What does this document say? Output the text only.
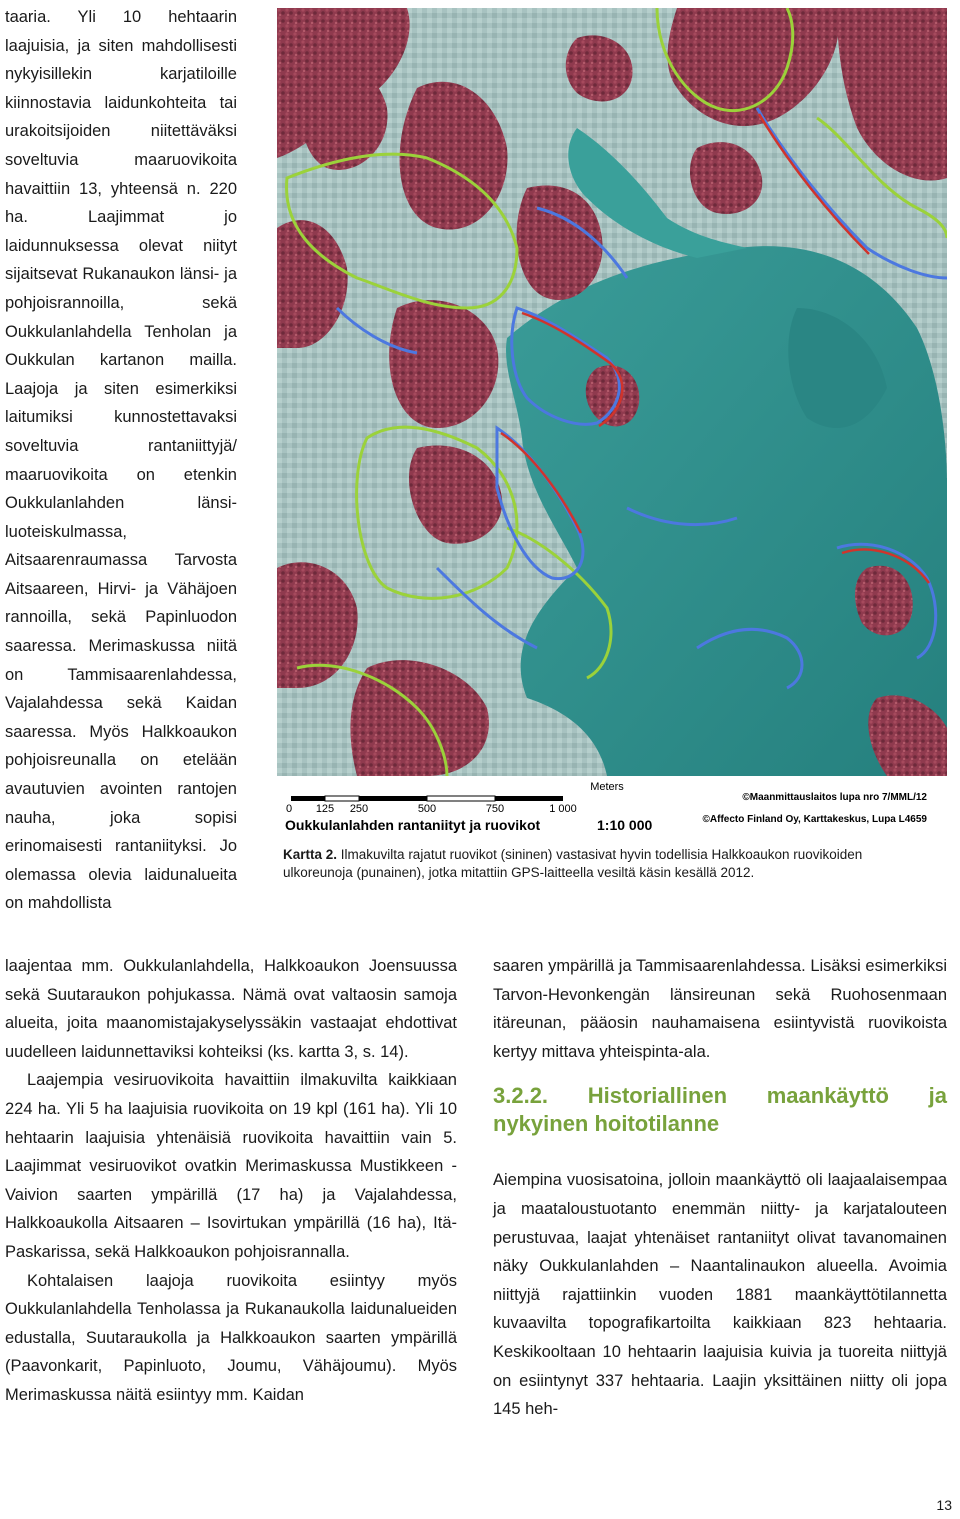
taaria. Yli 10 hehtaarin laajuisia, ja siten mahdollisesti nykyisillekin karjatiloille kiinnostavia laidunkohteita tai urakoitsijoiden niitettäväksi soveltuvia maaruovikoita havaittiin 13, yhteensä n. 220 ha. Laajimmat jo laidunnuksessa olevat niityt sijaitsevat Rukanaukon länsi- ja pohjoisrannoilla, sekä Oukkulanlahdella Tenholan ja Oukkulan kartanon mailla. Laajoja ja siten esimerkiksi laitumiksi kunnostettavaksi soveltuvia rantaniittyjä/ maaruovikoita on etenkin Oukkulanlahden länsi-luoteiskulmassa, Aitsaarenraumassa Tarvosta Aitsaareen, Hirvi- ja Vähäjoen rannoilla, sekä Papinluodon saaressa. Merimaskussa niitä on Tammisaarenlahdessa, Vajalahdessa sekä Kaidan saaressa. Myös Halkkoaukon pohjoisreunalla on etelään avautuvien avointen rantojen nauha, joka sopisi erinomaisesti rantaniityksi. Jo olemassa olevia laidunalueita on mahdollista

Meters
0 125 250	500	750	1 000
Oukkulanlahden rantaniityt ja ruovikot	1:10 000
©Maanmittauslaitos lupa nro 7/MML/12
©Affecto Finland Oy, Karttakeskus, Lupa L4659
Kartta 2. Ilmakuvilta rajatut ruovikot (sininen) vastasivat hyvin todellisia Halkkoaukon ruovikoiden ulkoreunoja (punainen), jotka mitattiin GPS-laitteella vesiltä käsin kesällä 2012.

laajentaa mm. Oukkulanlahdella, Halkkoaukon Joensuussa sekä Suutaraukon pohjukassa. Nämä ovat valtaosin samoja alueita, joita maanomistajakyselyssäkin vastaajat ehdottivat uudelleen laidunnettaviksi kohteiksi (ks. kartta 3, s. 14).

Laajempia vesiruovikoita havaittiin ilmakuvilta kaikkiaan 224 ha. Yli 5 ha laajuisia ruovikoita on 19 kpl (161 ha). Yli 10 hehtaarin laajuisia yhtenäisiä ruovikoita havaittiin vain 5. Laajimmat vesiruovikot ovatkin Merimaskussa Mustikkeen - Vaivion saarten ympärillä (17 ha) ja Vajalahdessa, Halkkoaukolla Aitsaaren – Isovirtukan ympärillä (16 ha), Itä-Paskarissa, sekä Halkkoaukon pohjoisrannalla.

Kohtalaisen laajoja ruovikoita esiintyy myös Oukkulanlahdella Tenholassa ja Rukanaukolla laidunalueiden edustalla, Suutaraukolla ja Halkkoaukon saarten ympärillä (Paavonkarit, Papinluoto, Joumu, Vähäjoumu). Myös Merimaskussa näitä esiintyy mm. Kaidan

saaren ympärillä ja Tammisaarenlahdessa. Lisäksi esimerkiksi Tarvon-Hevonkengän länsireunan sekä Ruohosenmaan itäreunan, pääosin nauhamaisena esiintyvistä ruovikoista kertyy mittava yhteispinta-ala.

3.2.2. Historiallinen maankäyttö ja nykyinen hoitotilanne

Aiempina vuosisatoina, jolloin maankäyttö oli laajaalaisempaa ja maataloustuotanto enemmän niitty- ja karjatalouteen perustuvaa, laajat yhtenäiset rantaniityt olivat tavanomainen näky Oukkulanlahden – Naantalinaukon alueella. Avoimia niittyjä rajattiinkin vuoden 1881 maankäyttötilannetta kuvaavilta topografikartoilta kaikkiaan 823 hehtaaria. Keskikooltaan 10 hehtaarin laajuisia kuivia ja tuoreita niittyjä on esiintynyt 337 hehtaaria. Laajin yksittäinen niitty oli jopa 145 heh-

13
